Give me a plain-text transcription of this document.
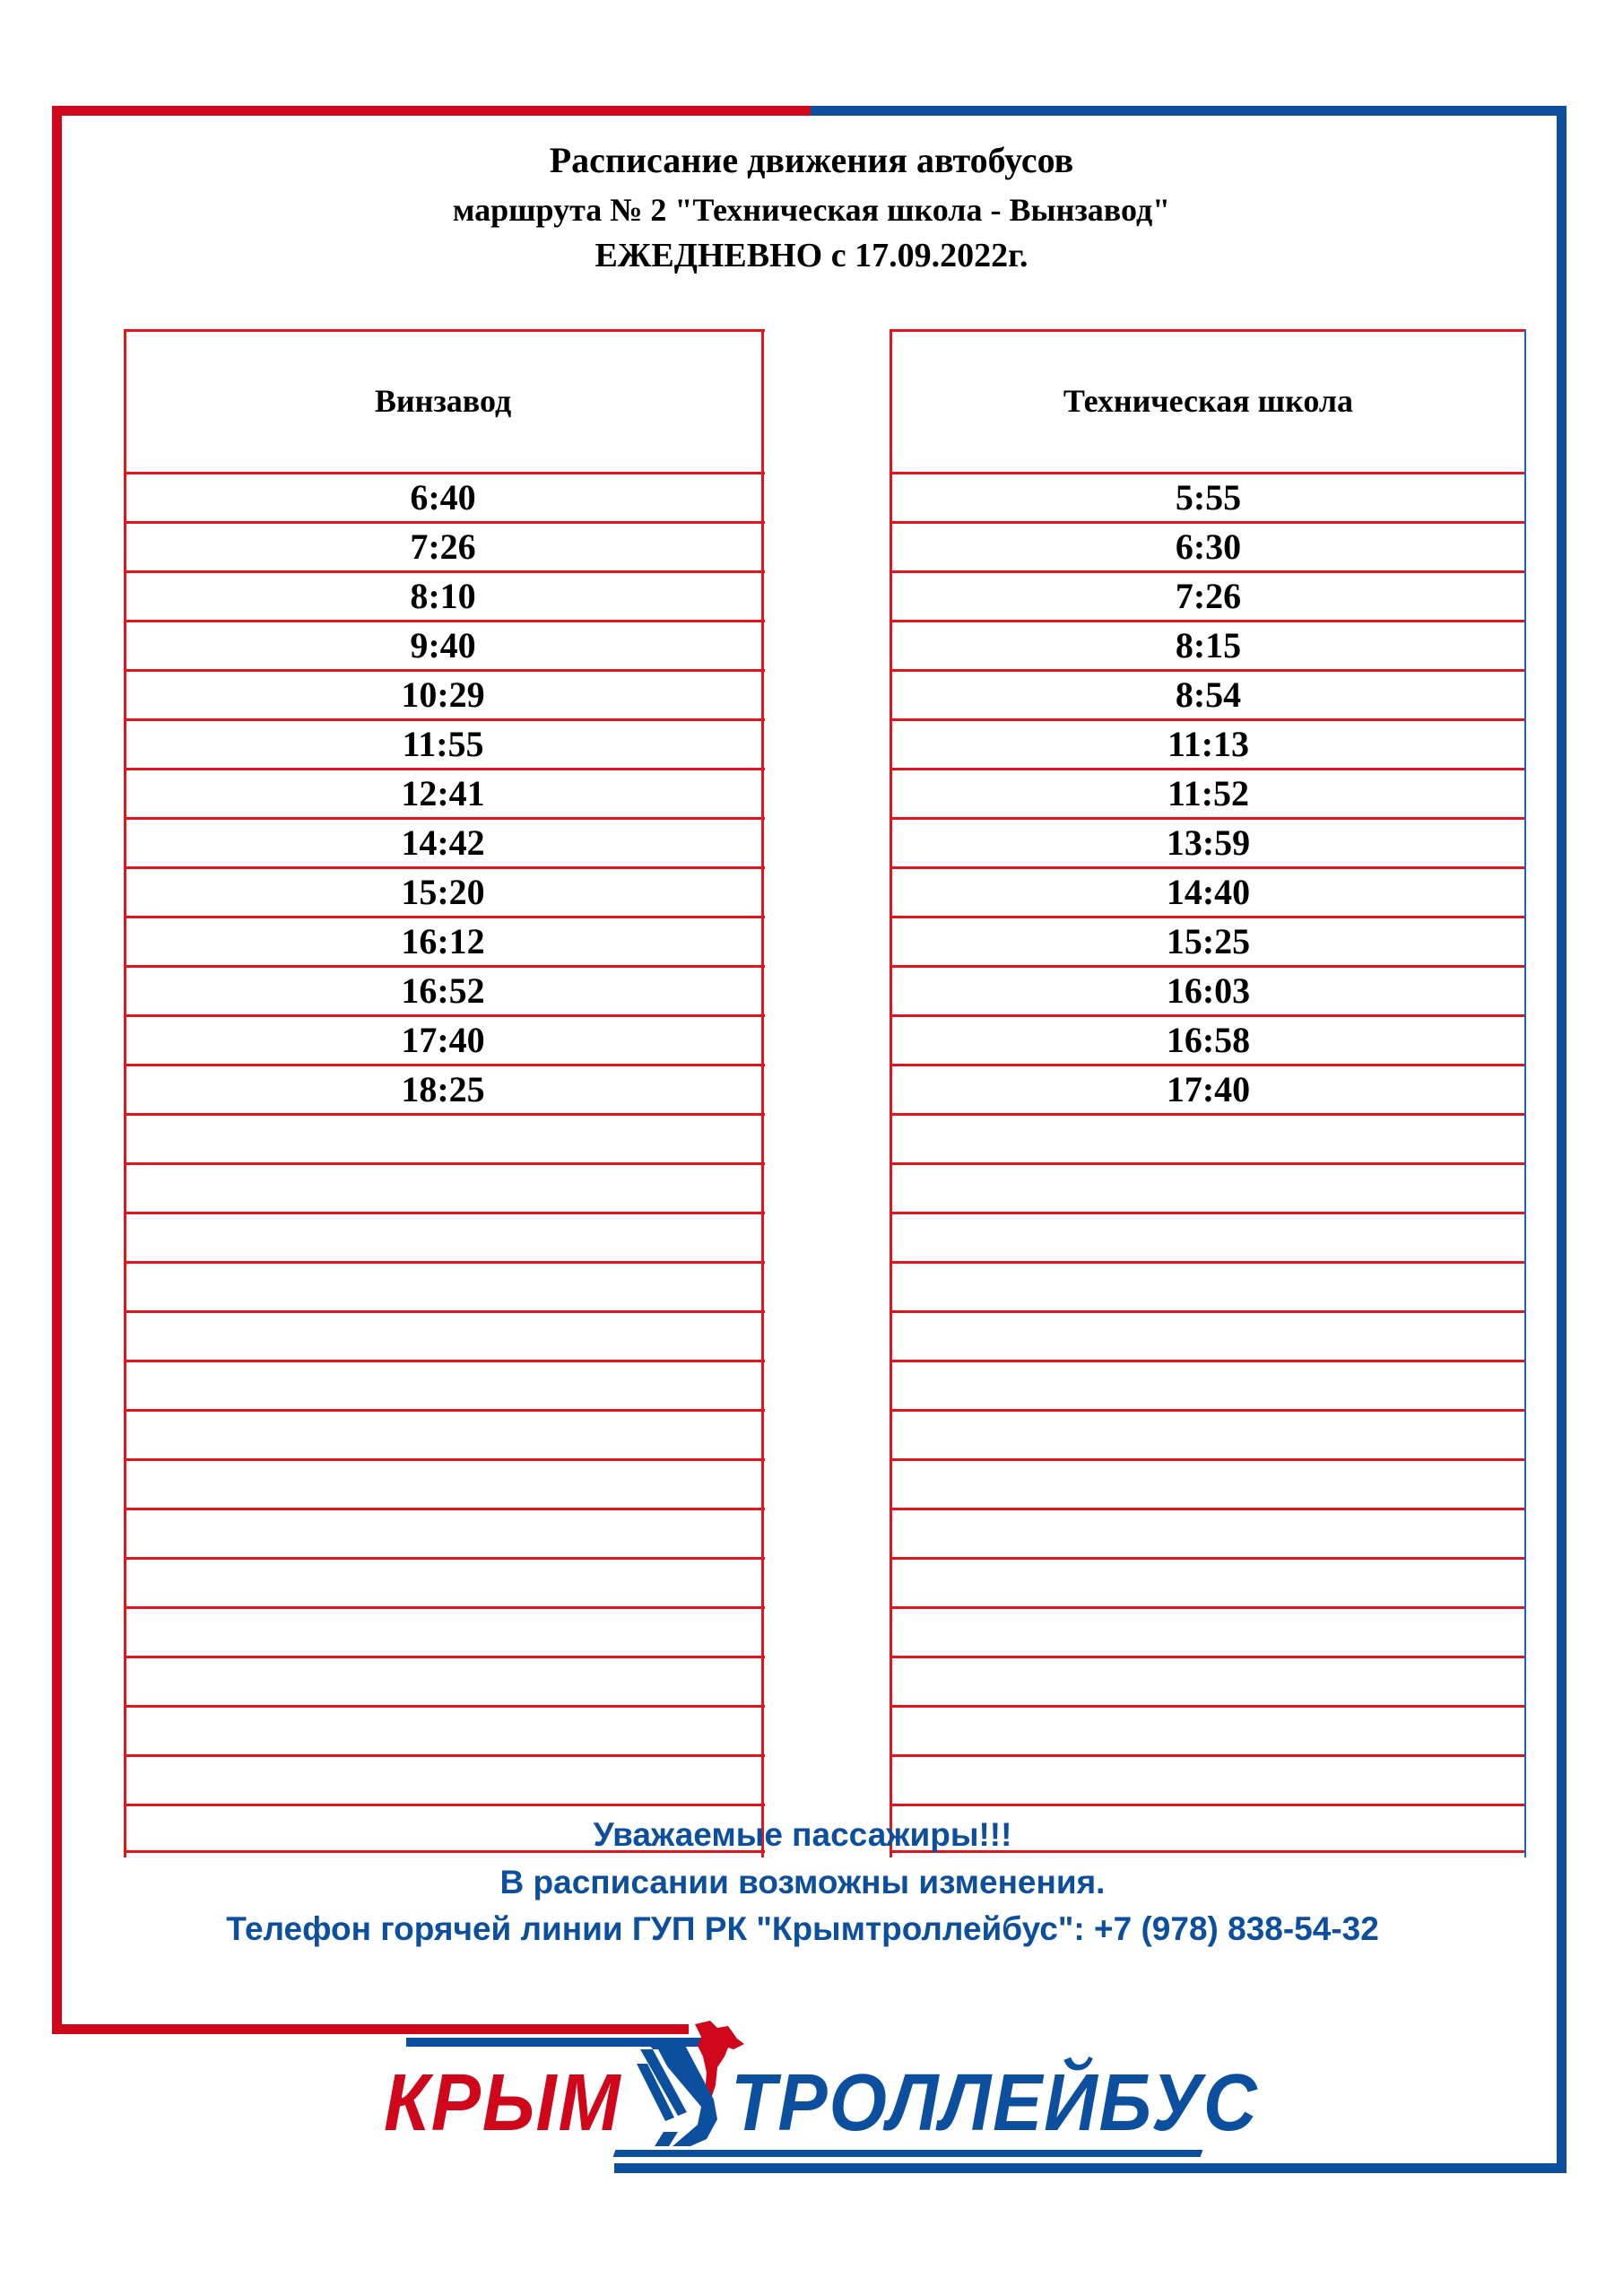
Расписание движения автобусов
маршрута № 2 "Техническая школа - Вынзавод"
ЕЖЕДНЕВНО с 17.09.2022г.
Винзавод
6:40
7:26
8:10
9:40
10:29
11:55
12:41
14:42
15:20
16:12
16:52
17:40
18:25
Техническая школа
5:55
6:30
7:26
8:15
8:54
11:13
11:52
13:59
14:40
15:25
16:03
16:58
17:40
Уважаемые пассажиры!!!
В расписании возможны изменения.
Телефон горячей линии ГУП РК "Крымтроллейбус": +7 (978) 838-54-32
КРЫМ ТРОЛЛЕЙБУС
